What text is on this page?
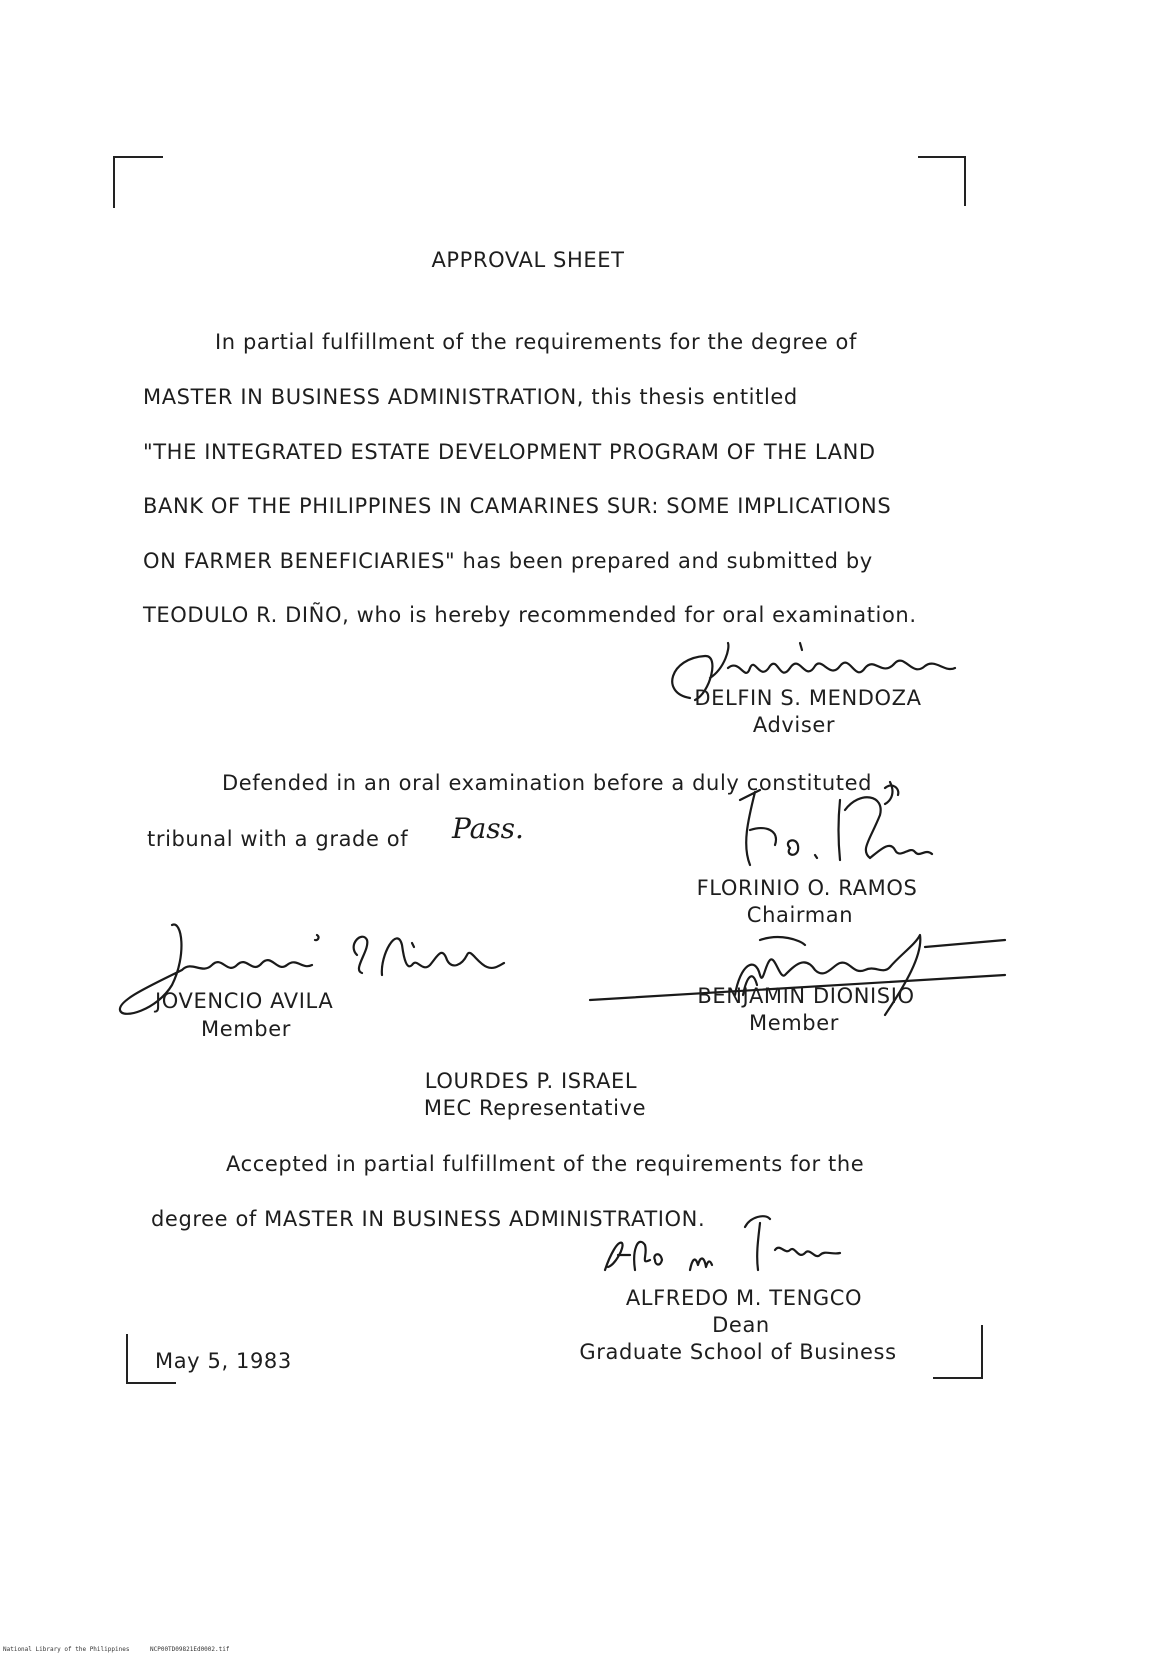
APPROVAL SHEET
In partial fulfillment of the requirements for the degree of
MASTER IN BUSINESS ADMINISTRATION, this thesis entitled
"THE INTEGRATED ESTATE DEVELOPMENT PROGRAM OF THE LAND
BANK OF THE PHILIPPINES IN CAMARINES SUR: SOME IMPLICATIONS
ON FARMER BENEFICIARIES" has been prepared and submitted by
TEODULO R. DIÑO, who is hereby recommended for oral examination.
DELFIN S. MENDOZA
Adviser
Defended in an oral examination before a duly constituted
tribunal with a grade of Pass.
FLORINIO O. RAMOS
Chairman
JOVENCIO AVILA
Member
BENJAMIN DIONISIO
Member
LOURDES P. ISRAEL
MEC Representative
Accepted in partial fulfillment of the requirements for the
degree of MASTER IN BUSINESS ADMINISTRATION.
ALFREDO M. TENGCO
Dean
Graduate School of Business
May 5, 1983
National Library of the Philippines	NCP00TD09821Ed0002.tif
